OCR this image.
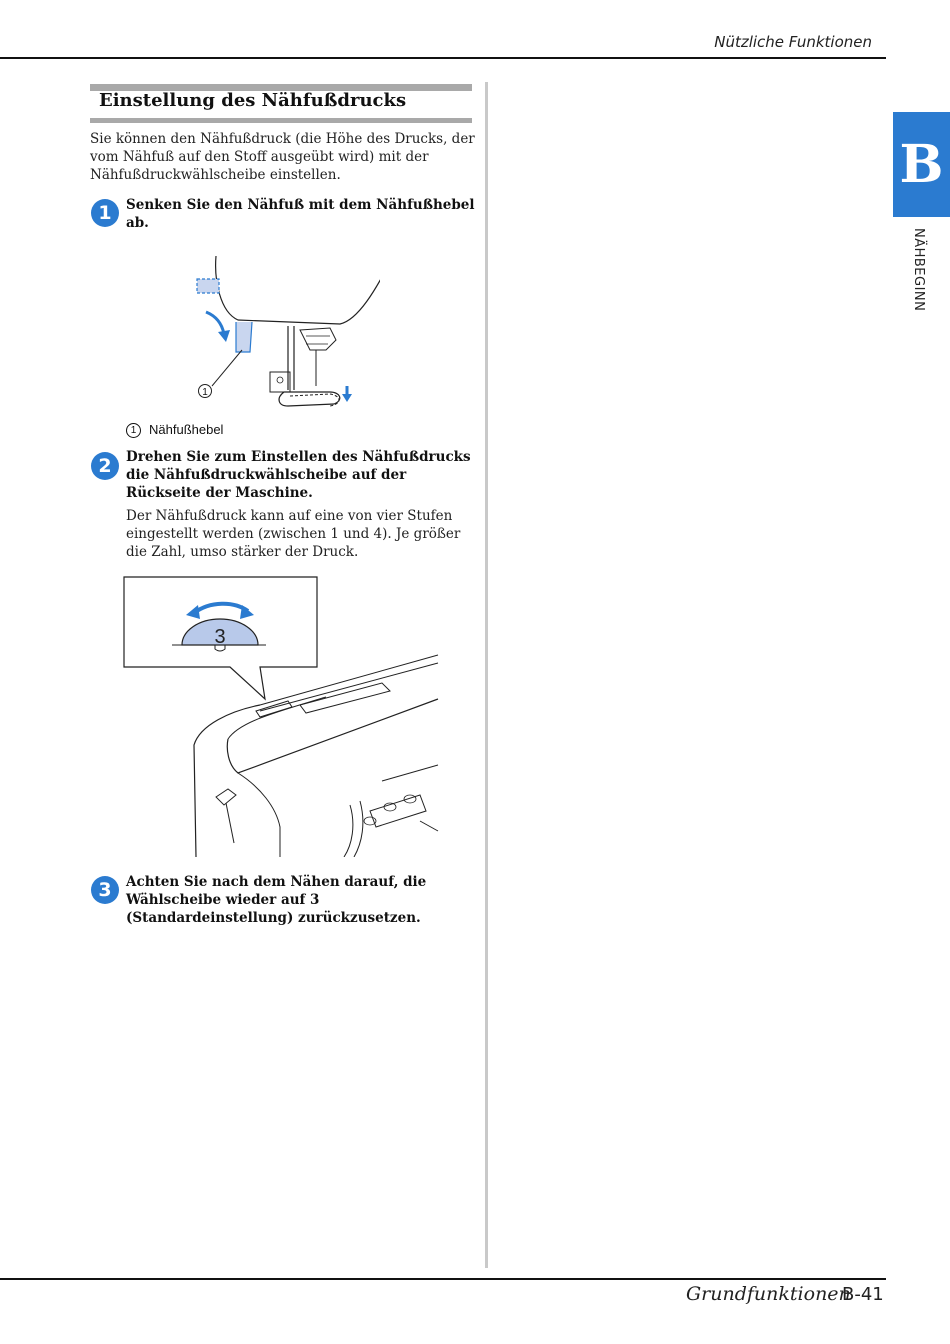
Nützliche Funktionen
Einstellung des Nähfußdrucks
Sie können den Nähfußdruck (die Höhe des Drucks, der vom Nähfuß auf den Stoff ausgeübt wird) mit der Nähfußdruckwählscheibe einstellen.
1	Senken Sie den Nähfuß mit dem Nähfußhebel ab.
1
1 Nähfußhebel
2	Drehen Sie zum Einstellen des Nähfußdrucks die Nähfußdruckwählscheibe auf der Rückseite der Maschine.
Der Nähfußdruck kann auf eine von vier Stufen eingestellt werden (zwischen 1 und 4). Je größer die Zahl, umso stärker der Druck.
3
3	Achten Sie nach dem Nähen darauf, die Wählscheibe wieder auf 3 (Standardeinstellung) zurückzusetzen.
B
NÄHBEGINN
Grundfunktionen
B-41
